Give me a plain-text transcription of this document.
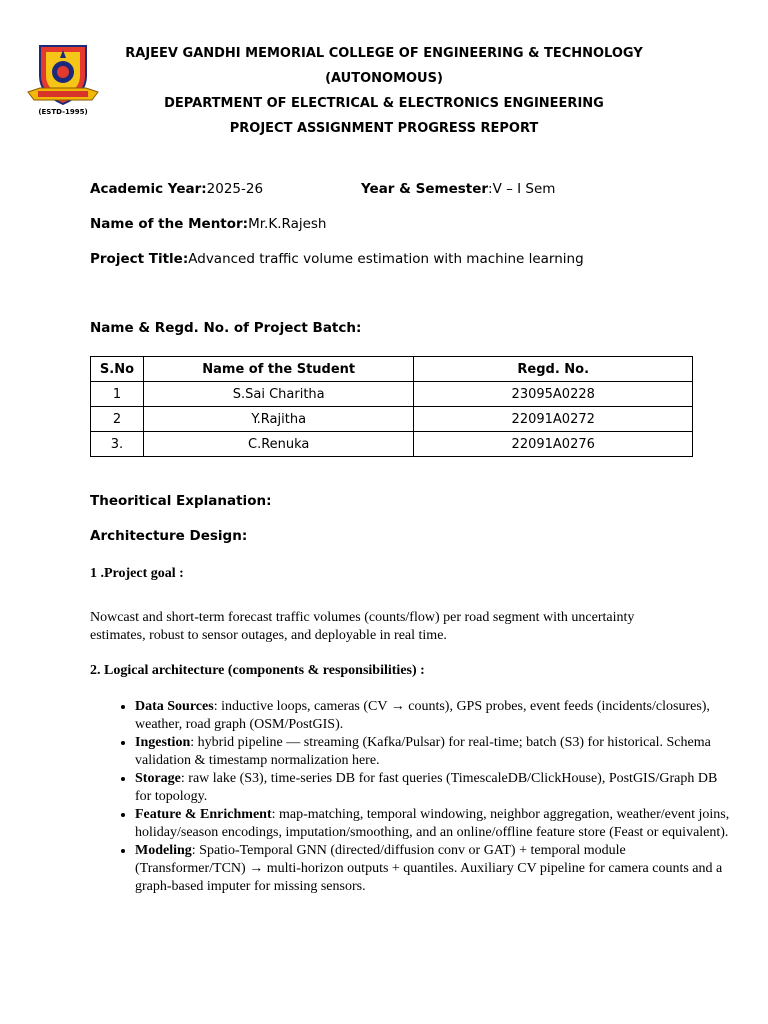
(ESTD-1995)
RAJEEV GANDHI MEMORIAL COLLEGE OF ENGINEERING & TECHNOLOGY
(AUTONOMOUS)
DEPARTMENT OF ELECTRICAL & ELECTRONICS ENGINEERING
PROJECT ASSIGNMENT PROGRESS REPORT
Academic Year:2025-26	Year & Semester:V – I Sem
Name of the Mentor:Mr.K.Rajesh
Project Title:Advanced traffic volume estimation with machine learning
Name & Regd. No. of Project Batch:
S.No	Name of the Student	Regd. No.
1	S.Sai Charitha	23095A0228
2	Y.Rajitha	22091A0272
3.	C.Renuka	22091A0276
Theoritical Explanation:
Architecture Design:
1 .Project goal :
Nowcast and short-term forecast traffic volumes (counts/flow) per road segment with uncertainty estimates, robust to sensor outages, and deployable in real time.
2. Logical architecture (components & responsibilities) :
• Data Sources: inductive loops, cameras (CV → counts), GPS probes, event feeds (incidents/closures), weather, road graph (OSM/PostGIS).
• Ingestion: hybrid pipeline — streaming (Kafka/Pulsar) for real-time; batch (S3) for historical. Schema validation & timestamp normalization here.
• Storage: raw lake (S3), time-series DB for fast queries (TimescaleDB/ClickHouse), PostGIS/Graph DB for topology.
• Feature & Enrichment: map-matching, temporal windowing, neighbor aggregation, weather/event joins, holiday/season encodings, imputation/smoothing, and an online/offline feature store (Feast or equivalent).
• Modeling: Spatio-Temporal GNN (directed/diffusion conv or GAT) + temporal module (Transformer/TCN) → multi-horizon outputs + quantiles. Auxiliary CV pipeline for camera counts and a graph-based imputer for missing sensors.
